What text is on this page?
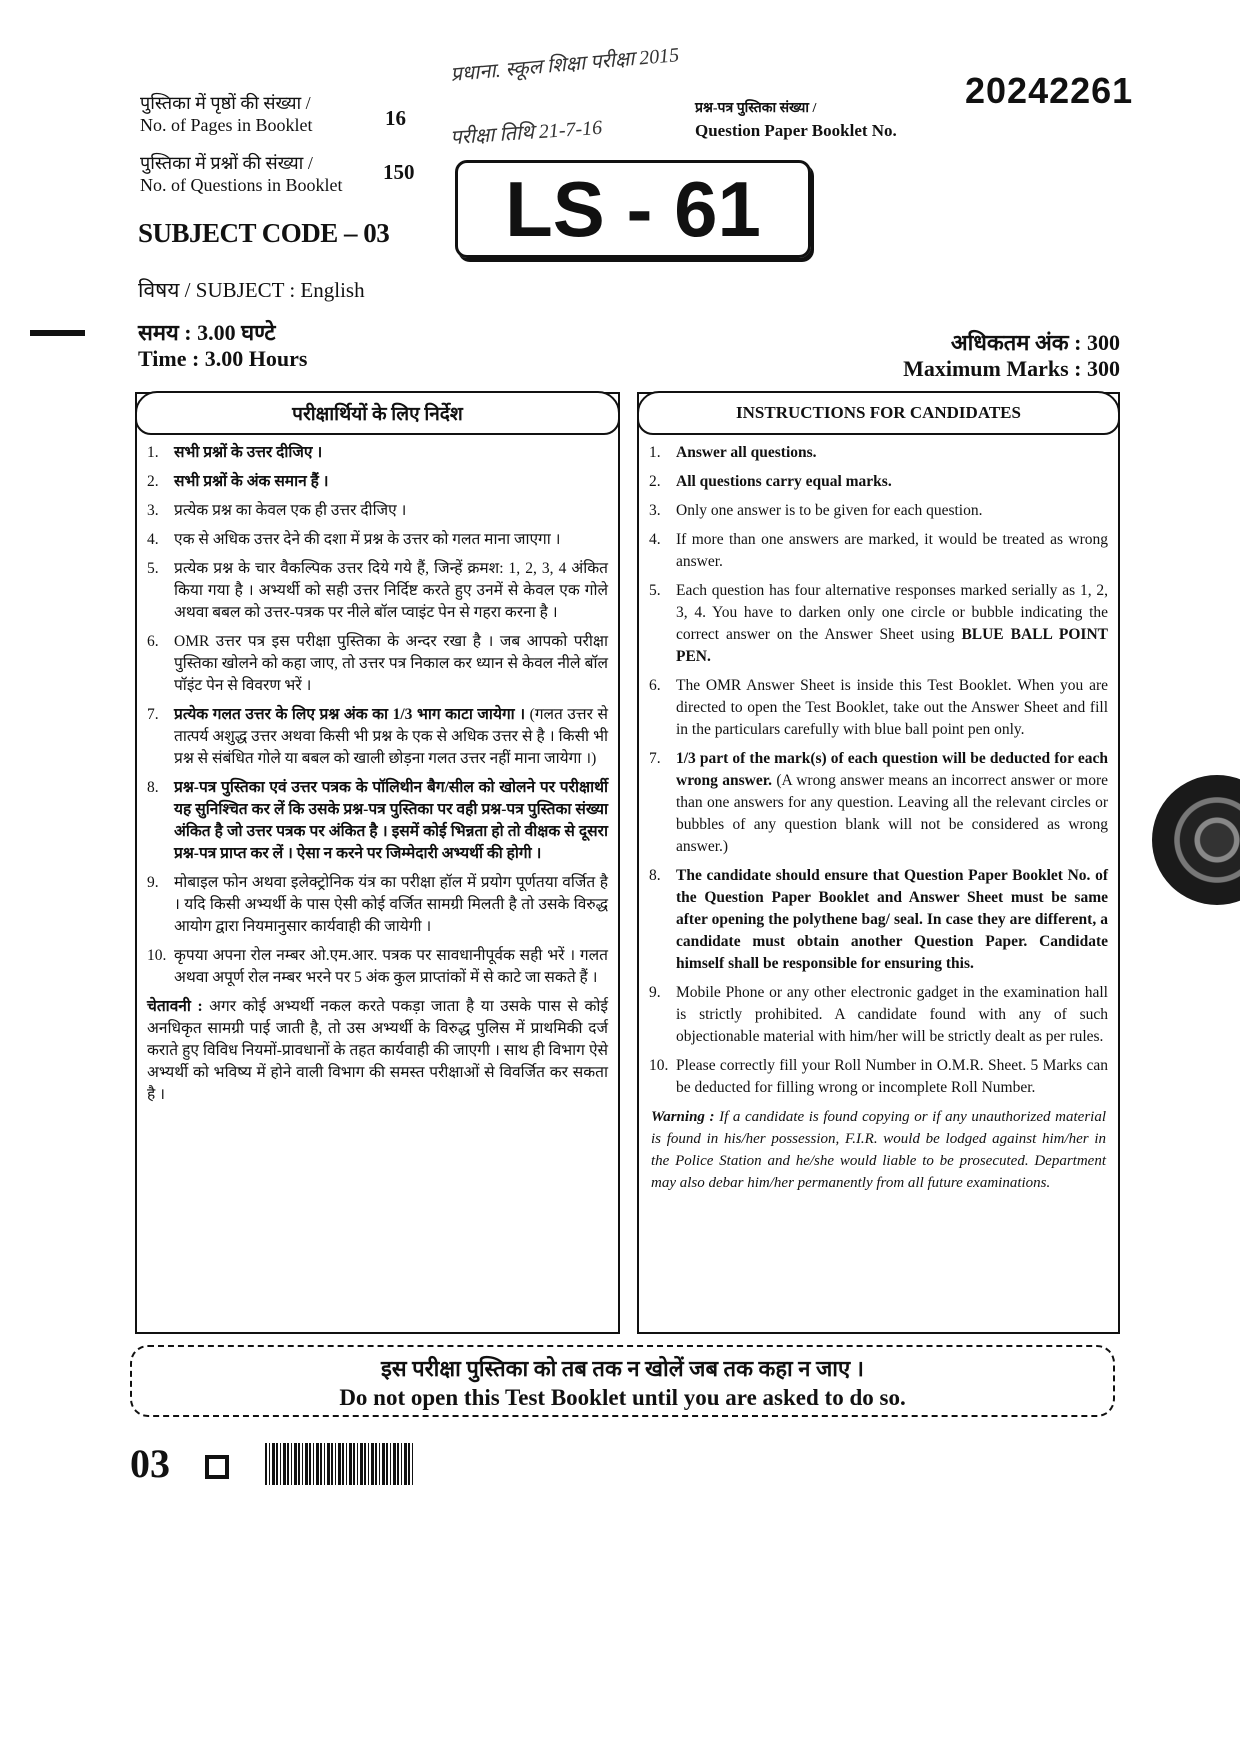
पुस्तिका में पृष्ठों की संख्या /
No. of Pages in Booklet	16
पुस्तिका में प्रश्नों की संख्या /
No. of Questions in Booklet
150
SUBJECT CODE – 03	LS - 61
प्रधाना. स्कूल शिक्षा परीक्षा 2015
परीक्षा तिथि 21-7-16
प्रश्न-पत्र पुस्तिका संख्या /
Question Paper Booklet No.
20242261
विषय / SUBJECT : English
समय : 3.00 घण्टे
Time : 3.00 Hours
अधिकतम अंक : 300
Maximum Marks : 300
परीक्षार्थियों के लिए निर्देश
1. सभी प्रश्नों के उत्तर दीजिए ।
2. सभी प्रश्नों के अंक समान हैं ।
3. प्रत्येक प्रश्न का केवल एक ही उत्तर दीजिए ।
4. एक से अधिक उत्तर देने की दशा में प्रश्न के उत्तर को गलत माना जाएगा ।
5. प्रत्येक प्रश्न के चार वैकल्पिक उत्तर दिये गये हैं, जिन्हें क्रमश: 1, 2, 3, 4 अंकित किया गया है । अभ्यर्थी को सही उत्तर निर्दिष्ट करते हुए उनमें से केवल एक गोले अथवा बबल को उत्तर-पत्रक पर नीले बॉल प्वाइंट पेन से गहरा करना है ।
6. OMR उत्तर पत्र इस परीक्षा पुस्तिका के अन्दर रखा है । जब आपको परीक्षा पुस्तिका खोलने को कहा जाए, तो उत्तर पत्र निकाल कर ध्यान से केवल नीले बॉल पॉइंट पेन से विवरण भरें ।
7. प्रत्येक गलत उत्तर के लिए प्रश्न अंक का 1/3 भाग काटा जायेगा । (गलत उत्तर से तात्पर्य अशुद्ध उत्तर अथवा किसी भी प्रश्न के एक से अधिक उत्तर से है । किसी भी प्रश्न से संबंधित गोले या बबल को खाली छोड़ना गलत उत्तर नहीं माना जायेगा ।)
8. प्रश्न-पत्र पुस्तिका एवं उत्तर पत्रक के पॉलिथीन बैग/सील को खोलने पर परीक्षार्थी यह सुनिश्चित कर लें कि उसके प्रश्न-पत्र पुस्तिका पर वही प्रश्न-पत्र पुस्तिका संख्या अंकित है जो उत्तर पत्रक पर अंकित है । इसमें कोई भिन्नता हो तो वीक्षक से दूसरा प्रश्न-पत्र प्राप्त कर लें । ऐसा न करने पर जिम्मेदारी अभ्यर्थी की होगी ।
9. मोबाइल फोन अथवा इलेक्ट्रोनिक यंत्र का परीक्षा हॉल में प्रयोग पूर्णतया वर्जित है । यदि किसी अभ्यर्थी के पास ऐसी कोई वर्जित सामग्री मिलती है तो उसके विरुद्ध आयोग द्वारा नियमानुसार कार्यवाही की जायेगी ।
10. कृपया अपना रोल नम्बर ओ.एम.आर. पत्रक पर सावधानीपूर्वक सही भरें । गलत अथवा अपूर्ण रोल नम्बर भरने पर 5 अंक कुल प्राप्तांकों में से काटे जा सकते हैं ।
चेतावनी : अगर कोई अभ्यर्थी नकल करते पकड़ा जाता है या उसके पास से कोई अनधिकृत सामग्री पाई जाती है, तो उस अभ्यर्थी के विरुद्ध पुलिस में प्राथमिकी दर्ज कराते हुए विविध नियमों-प्रावधानों के तहत कार्यवाही की जाएगी । साथ ही विभाग ऐसे अभ्यर्थी को भविष्य में होने वाली विभाग की समस्त परीक्षाओं से विवर्जित कर सकता है ।
INSTRUCTIONS FOR CANDIDATES
1. Answer all questions.
2. All questions carry equal marks.
3. Only one answer is to be given for each question.
4. If more than one answers are marked, it would be treated as wrong answer.
5. Each question has four alternative responses marked serially as 1, 2, 3, 4. You have to darken only one circle or bubble indicating the correct answer on the Answer Sheet using BLUE BALL POINT PEN.
6. The OMR Answer Sheet is inside this Test Booklet. When you are directed to open the Test Booklet, take out the Answer Sheet and fill in the particulars carefully with blue ball point pen only.
7. 1/3 part of the mark(s) of each question will be deducted for each wrong answer. (A wrong answer means an incorrect answer or more than one answers for any question. Leaving all the relevant circles or bubbles of any question blank will not be considered as wrong answer.)
8. The candidate should ensure that Question Paper Booklet No. of the Question Paper Booklet and Answer Sheet must be same after opening the polythene bag/ seal. In case they are different, a candidate must obtain another Question Paper. Candidate himself shall be responsible for ensuring this.
9. Mobile Phone or any other electronic gadget in the examination hall is strictly prohibited. A candidate found with any of such objectionable material with him/her will be strictly dealt as per rules.
10. Please correctly fill your Roll Number in O.M.R. Sheet. 5 Marks can be deducted for filling wrong or incomplete Roll Number.
Warning : If a candidate is found copying or if any unauthorized material is found in his/her possession, F.I.R. would be lodged against him/her in the Police Station and he/she would liable to be prosecuted. Department may also debar him/her permanently from all future examinations.
इस परीक्षा पुस्तिका को तब तक न खोलें जब तक कहा न जाए ।
Do not open this Test Booklet until you are asked to do so.
03
